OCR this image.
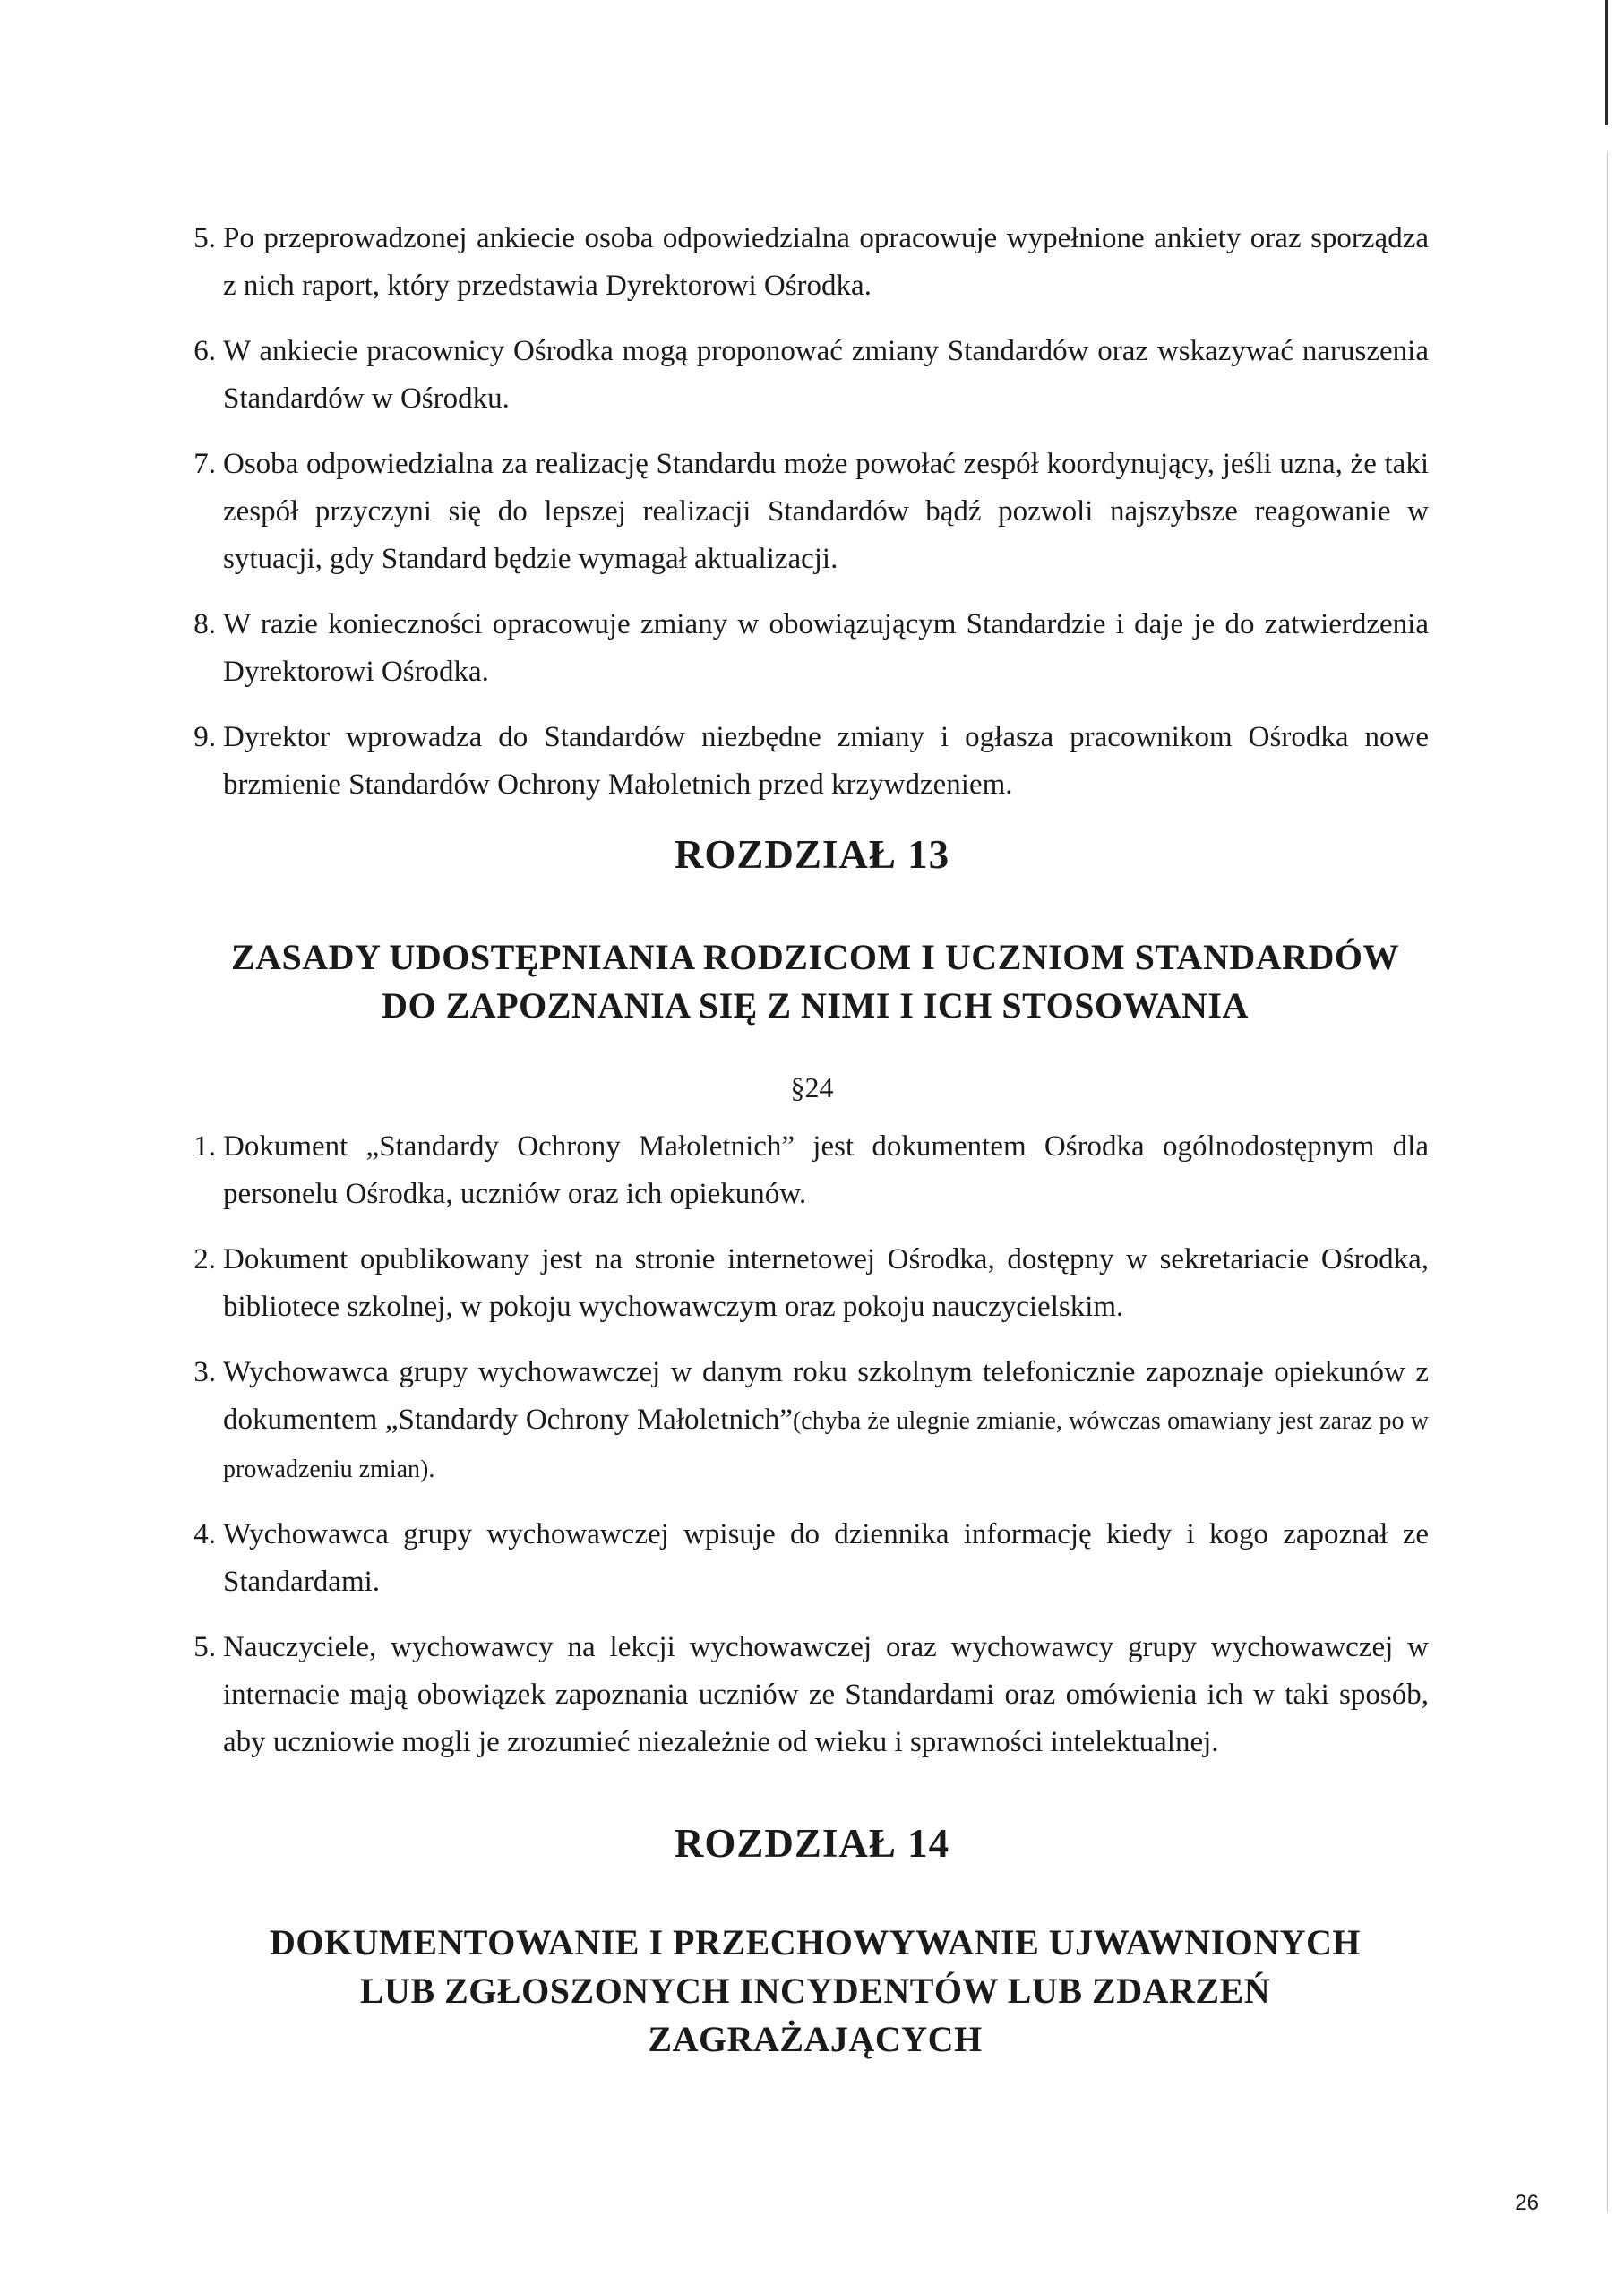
5. Po przeprowadzonej ankiecie osoba odpowiedzialna opracowuje wypełnione ankiety oraz sporządza z nich raport, który przedstawia Dyrektorowi Ośrodka.
6. W ankiecie pracownicy Ośrodka mogą proponować zmiany Standardów oraz wskazywać naruszenia Standardów w Ośrodku.
7. Osoba odpowiedzialna za realizację Standardu może powołać zespół koordynujący, jeśli uzna, że taki zespół przyczyni się do lepszej realizacji Standardów bądź pozwoli najszybsze reagowanie w sytuacji, gdy Standard będzie wymagał aktualizacji.
8. W razie konieczności opracowuje zmiany w obowiązującym Standardzie i daje je do zatwierdzenia Dyrektorowi Ośrodka.
9. Dyrektor wprowadza do Standardów niezbędne zmiany i ogłasza pracownikom Ośrodka nowe brzmienie Standardów Ochrony Małoletnich przed krzywdzeniem.
ROZDZIAŁ 13
ZASADY UDOSTĘPNIANIA RODZICOM I UCZNIOM STANDARDÓW
DO ZAPOZNANIA SIĘ Z NIMI I ICH STOSOWANIA
§24
1. Dokument „Standardy Ochrony Małoletnich” jest dokumentem Ośrodka ogólnodostępnym dla personelu Ośrodka, uczniów oraz ich opiekunów.
2. Dokument opublikowany jest na stronie internetowej Ośrodka, dostępny w sekretariacie Ośrodka, bibliotece szkolnej, w pokoju wychowawczym oraz pokoju nauczycielskim.
3. Wychowawca grupy wychowawczej w danym roku szkolnym telefonicznie zapoznaje opiekunów z dokumentem „Standardy Ochrony Małoletnich”(chyba że ulegnie zmianie, wówczas omawiany jest zaraz po w prowadzeniu zmian).
4. Wychowawca grupy wychowawczej wpisuje do dziennika informację kiedy i kogo zapoznał ze Standardami.
5. Nauczyciele, wychowawcy na lekcji wychowawczej oraz wychowawcy grupy wychowawczej w internacie mają obowiązek zapoznania uczniów ze Standardami oraz omówienia ich w taki sposób, aby uczniowie mogli je zrozumieć niezależnie od wieku i sprawności intelektualnej.
ROZDZIAŁ 14
DOKUMENTOWANIE I PRZECHOWYWANIE UJWAWNIONYCH
LUB ZGŁOSZONYCH INCYDENTÓW LUB ZDARZEŃ
ZAGRAŻAJĄCYCH
26
